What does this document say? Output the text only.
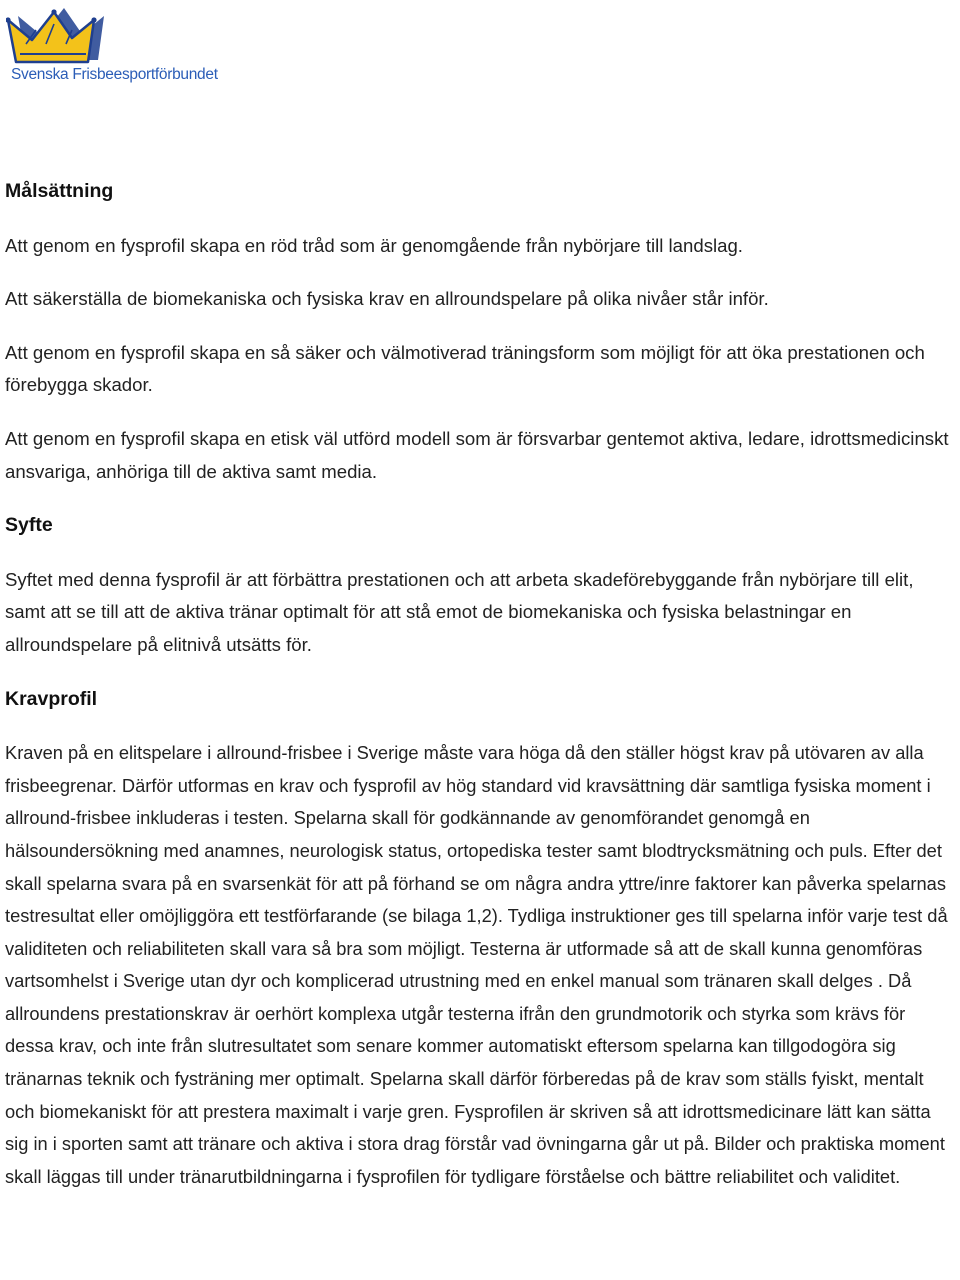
Svenska Frisbeesportförbundet
Målsättning

Att genom en fysprofil skapa en röd tråd som är genomgående från nybörjare till landslag.

Att säkerställa de biomekaniska och fysiska krav en allroundspelare på olika nivåer står inför.

Att genom en fysprofil skapa en så säker och välmotiverad träningsform som möjligt för att öka prestationen och förebygga skador.

Att genom en fysprofil skapa en etisk väl utförd modell som är försvarbar gentemot aktiva, ledare, idrottsmedicinskt ansvariga, anhöriga till de aktiva samt media.

Syfte

Syftet med denna fysprofil är att förbättra prestationen och att arbeta skadeförebyggande från nybörjare till elit, samt att se till att de aktiva tränar optimalt för att stå emot de biomekaniska och fysiska belastningar en allroundspelare på elitnivå utsätts för.

Kravprofil

Kraven på en elitspelare i allround-frisbee i Sverige måste vara höga då den ställer högst krav på utövaren av alla frisbeegrenar. Därför utformas en krav och fysprofil av hög standard vid kravsättning där samtliga fysiska moment i allround-frisbee inkluderas i testen. Spelarna skall för godkännande av genomförandet genomgå en hälsoundersökning med anamnes, neurologisk status, ortopediska tester samt blodtrycksmätning och puls. Efter det skall spelarna svara på en svarsenkät för att på förhand se om några andra yttre/inre faktorer kan påverka spelarnas testresultat eller omöjliggöra ett testförfarande (se bilaga 1,2). Tydliga instruktioner ges till spelarna inför varje test då validiteten och reliabiliteten skall vara så bra som möjligt. Testerna är utformade så att de skall kunna genomföras vartsomhelst i Sverige utan dyr och komplicerad utrustning med en enkel manual som tränaren skall delges . Då allroundens prestationskrav är oerhört komplexa utgår testerna ifrån den grundmotorik och styrka som krävs för dessa krav, och inte från slutresultatet som senare kommer automatiskt eftersom spelarna kan tillgodogöra sig tränarnas teknik och fysträning mer optimalt. Spelarna skall därför förberedas på de krav som ställs fyiskt, mentalt och biomekaniskt för att prestera maximalt i varje gren. Fysprofilen är skriven så att idrottsmedicinare lätt kan sätta sig in i sporten samt att tränare och aktiva i stora drag förstår vad övningarna går ut på. Bilder och praktiska moment skall läggas till under tränarutbildningarna i fysprofilen för tydligare förståelse och bättre reliabilitet och validitet.
